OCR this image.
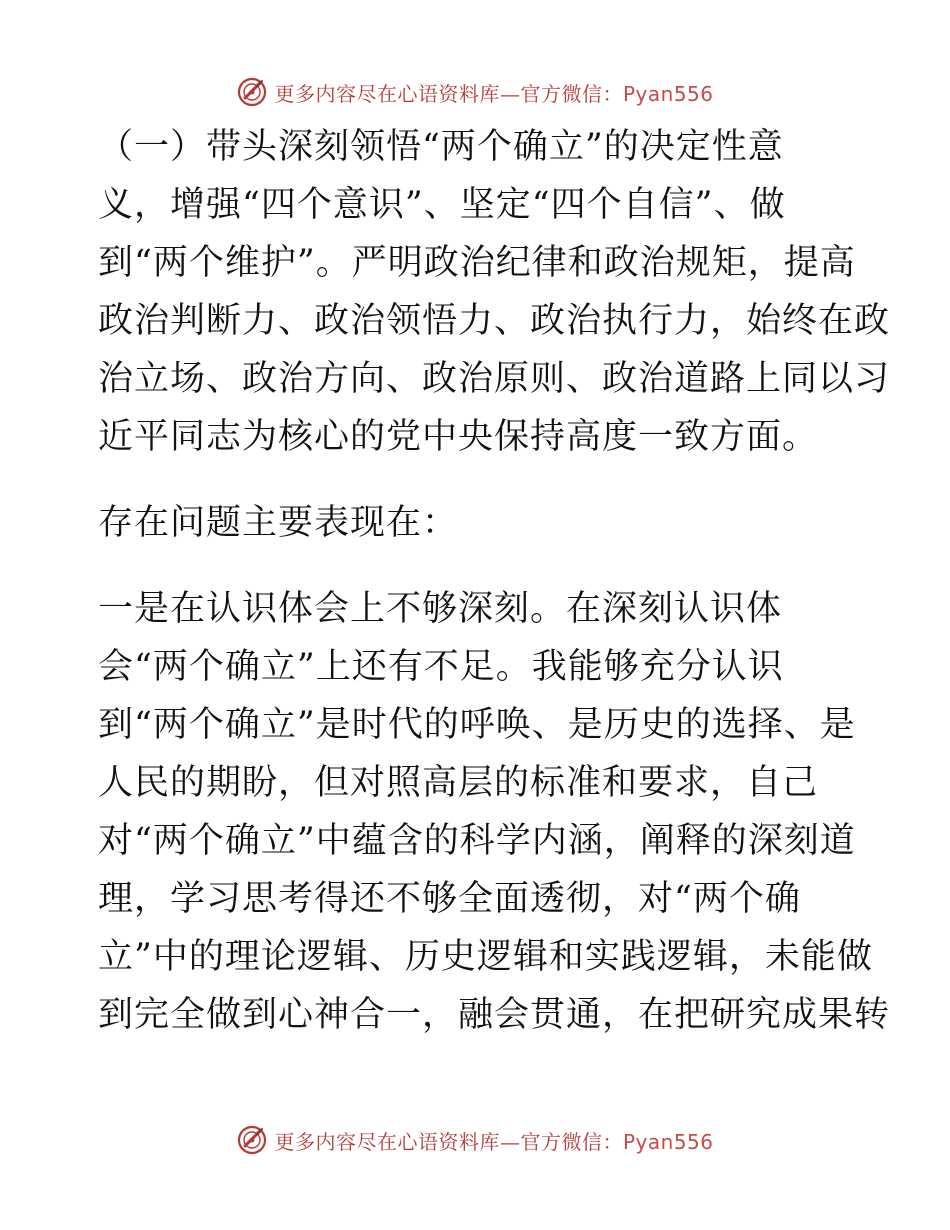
更多内容尽在心语资料库—官方微信：Pyan556
（一）带头深刻领悟“两个确立”的决定性意
义，增强“四个意识”、坚定“四个自信”、做
到“两个维护”。严明政治纪律和政治规矩，提高
政治判断力、政治领悟力、政治执行力，始终在政
治立场、政治方向、政治原则、政治道路上同以习
近平同志为核心的党中央保持高度一致方面。
存在问题主要表现在：
一是在认识体会上不够深刻。在深刻认识体
会“两个确立”上还有不足。我能够充分认识
到“两个确立”是时代的呼唤、是历史的选择、是
人民的期盼，但对照高层的标准和要求，自己
对“两个确立”中蕴含的科学内涵，阐释的深刻道
理，学习思考得还不够全面透彻，对“两个确
立”中的理论逻辑、历史逻辑和实践逻辑，未能做
到完全做到心神合一，融会贯通，在把研究成果转
更多内容尽在心语资料库—官方微信：Pyan556
